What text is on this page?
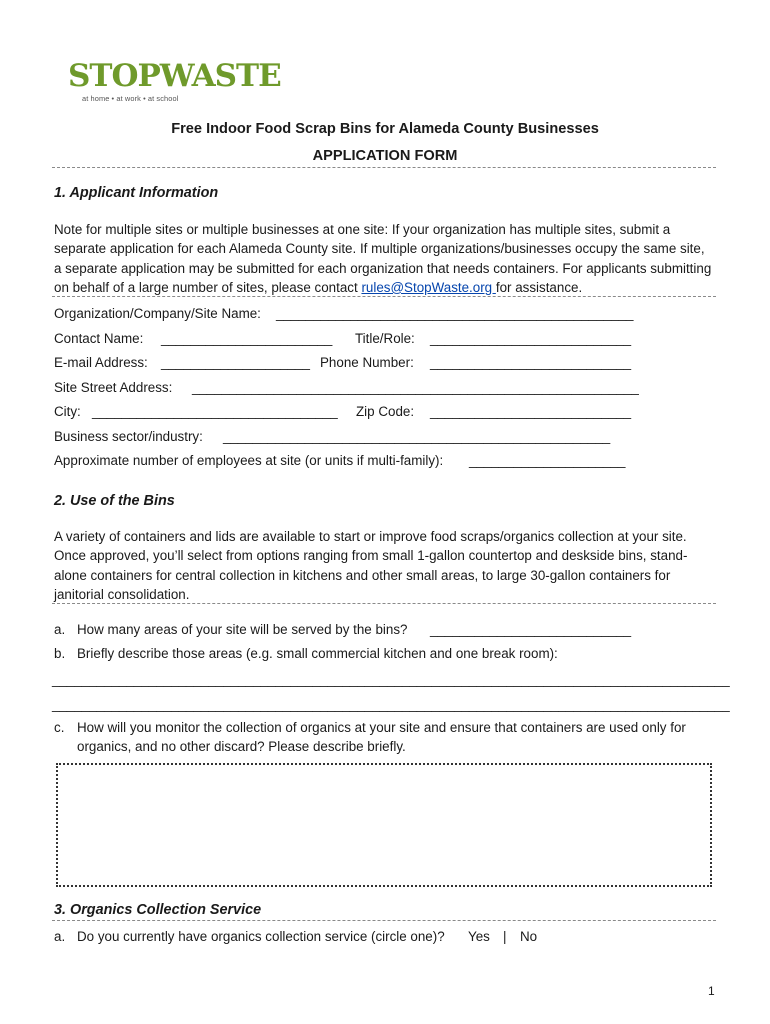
STOPWASTE
at home • at work • at school
Free Indoor Food Scrap Bins for Alameda County Businesses
APPLICATION FORM
1. Applicant Information
Note for multiple sites or multiple businesses at one site: If your organization has multiple sites, submit a separate application for each Alameda County site. If multiple organizations/businesses occupy the same site, a separate application may be submitted for each organization that needs containers. For applicants submitting on behalf of a large number of sites, please contact rules@StopWaste.org for assistance.
Organization/Company/Site Name: ________________________________________________
Contact Name: _______________________ Title/Role: ___________________________
E-mail Address: ____________________ Phone Number: ___________________________
Site Street Address: ____________________________________________________________
City: _________________________________ Zip Code: ___________________________
Business sector/industry: ____________________________________________________
Approximate number of employees at site (or units if multi-family): _____________________
2. Use of the Bins
A variety of containers and lids are available to start or improve food scraps/organics collection at your site. Once approved, you’ll select from options ranging from small 1-gallon countertop and deskside bins, stand-alone containers for central collection in kitchens and other small areas, to large 30-gallon containers for janitorial consolidation.
a. How many areas of your site will be served by the bins? ___________________________
b. Briefly describe those areas (e.g. small commercial kitchen and one break room):
___________________________________________________________________________________________
___________________________________________________________________________________________
c. How will you monitor the collection of organics at your site and ensure that containers are used only for
organics, and no other discard? Please describe briefly.
3. Organics Collection Service
a. Do you currently have organics collection service (circle one)? Yes | No
1
